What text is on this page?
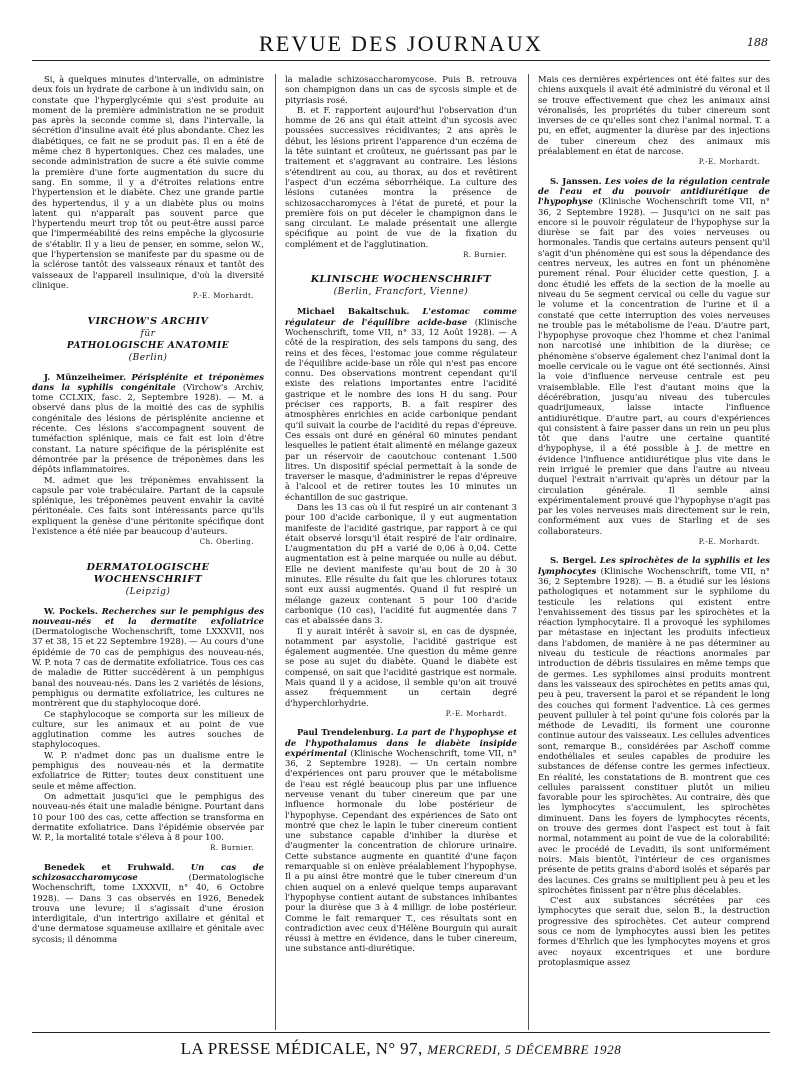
REVUE DES JOURNAUX	188

Si, à quelques minutes d'intervalle, on administre deux fois un hydrate de carbone à un individu sain, on constate que l'hyperglycémie qui s'est produite au moment de la première administration ne se produit pas après la seconde comme si, dans l'intervalle, la sécrétion d'insuline avait été plus abondante. Chez les diabétiques, ce fait ne se produit pas. Il en a été de même chez 8 hypertoniques. Chez ces malades, une seconde administration de sucre a été suivie comme la première d'une forte augmentation du sucre du sang. En somme, il y a d'étroites relations entre l'hypertension et le diabète. Chez une grande partie des hypertendus, il y a un diabète plus ou moins latent qui n'apparaît pas souvent parce que l'hypertendu meurt trop tôt ou peut-être aussi parce que l'imperméabilité des reins empêche la glycosurie de s'établir. Il y a lieu de penser, en somme, selon W., que l'hypertension se manifeste par du spasme ou de la sclérose tantôt des vaisseaux rénaux et tantôt des vaisseaux de l'appareil insulinique, d'où la diversité clinique.

P.-E. Morhardt.

VIRCHOW'S ARCHIV
für
PATHOLOGISCHE ANATOMIE
(Berlin)

J. Münzeiheimer. Périsplénite et tréponèmes dans la syphilis congénitale (Virchow's Archiv, tome CCLXIX, fasc. 2, Septembre 1928). — M. a observé dans plus de la moitié des cas de syphilis congénitale des lésions de périsplénite ancienne et récente. Ces lésions s'accompagnent souvent de tuméfaction splénique, mais ce fait est loin d'être constant. La nature spécifique de la périsplénite est démontrée par la présence de tréponèmes dans les dépôts inflammatoires.

M. admet que les tréponèmes envahissent la capsule par voie trabéculaire. Partant de la capsule splénique, les tréponèmes peuvent envahir la cavité péritonéale. Ces faits sont intéressants parce qu'ils expliquent la genèse d'une péritonite spécifique dont l'existence a été niée par beaucoup d'auteurs.

Ch. Oberling.

DERMATOLOGISCHE WOCHENSCHRIFT
(Leipzig)

W. Pockels. Recherches sur le pemphigus des nouveau-nés et la dermatite exfoliatrice (Dermatologische Wochenschrift, tome LXXXVII, nos 37 et 38, 15 et 22 Septembre 1928). — Au cours d'une épidémie de 70 cas de pemphigus des nouveau-nés, W. P. nota 7 cas de dermatite exfoliatrice. Tous ces cas de maladie de Ritter succédèrent à un pemphigus banal des nouveau-nés. Dans les 2 variétés de lésions, pemphigus ou dermatite exfoliatrice, les cultures ne montrèrent que du staphylocoque doré.

Ce staphylocoque se comporta sur les milieux de culture, sur les animaux et au point de vue agglutination comme les autres souches de staphylocoques.

W. P. n'admet donc pas un dualisme entre le pemphigus des nouveau-nés et la dermatite exfoliatrice de Ritter; toutes deux constituent une seule et même affection.

On admettait jusqu'ici que le pemphigus des nouveau-nés était une maladie bénigne. Pourtant dans 10 pour 100 des cas, cette affection se transforma en dermatite exfoliatrice. Dans l'épidémie observée par W. P., la mortalité totale s'éleva à 8 pour 100.

R. Burnier.

Benedek et Fruhwald. Un cas de schizosaccharomycose (Dermatologische Wochenschrift, tome LXXXVII, n° 40, 6 Octobre 1928). — Dans 3 cas observés en 1926, Benedek trouva une levure; il s'agissait d'une érosion interdigitale, d'un intertrigo axillaire et génital et d'une dermatose squameuse axillaire et génitale avec sycosis; il dénomma

la maladie schizosaccharomycose. Puis B. retrouva son champignon dans un cas de sycosis simple et de pityriasis rosé.

B. et F. rapportent aujourd'hui l'observation d'un homme de 26 ans qui était atteint d'un sycosis avec poussées successives récidivantes; 2 ans après le début, les lésions prirent l'apparence d'un eczéma de la tête suintant et croûteux, ne guérissant pas par le traitement et s'aggravant au contraire. Les lésions s'étendirent au cou, au thorax, au dos et revêtirent l'aspect d'un eczéma séborrhéique. La culture des lésions cutanées montra la présence de schizosaccharomyces à l'état de pureté, et pour la première fois on put déceler le champignon dans le sang circulant. Le malade présentait une allergie spécifique au point de vue de la fixation du complément et de l'agglutination.

R. Burnier.

KLINISCHE WOCHENSCHRIFT
(Berlin, Francfort, Vienne)

Michael Bakaltschuk. L'estomac comme régulateur de l'équilibre acide-base (Klinische Wochenschrift, tome VII, n° 33, 12 Août 1928). — A côté de la respiration, des sels tampons du sang, des reins et des fèces, l'estomac joue comme régulateur de l'équilibre acide-base un rôle qui n'est pas encore connu. Des observations montrent cependant qu'il existe des relations importantes entre l'acidité gastrique et le nombre des ions H du sang. Pour préciser ces rapports, B. a fait respirer des atmosphères enrichies en acide carbonique pendant qu'il suivait la courbe de l'acidité du repas d'épreuve. Ces essais ont duré en général 60 minutes pendant lesquelles le patient était alimenté en mélange gazeux par un réservoir de caoutchouc contenant 1.500 litres. Un dispositif spécial permettait à la sonde de traverser le masque, d'administrer le repas d'épreuve à l'alcool et de retirer toutes les 10 minutes un échantillon de suc gastrique.

Dans les 13 cas où il fut respiré un air contenant 3 pour 100 d'acide carbonique, il y eut augmentation manifeste de l'acidité gastrique, par rapport à ce qui était observé lorsqu'il était respiré de l'air ordinaire. L'augmentation du pH a varié de 0,06 à 0,04. Cette augmentation est à peine marquée ou nulle au début. Elle ne devient manifeste qu'au bout de 20 à 30 minutes. Elle résulte du fait que les chlorures totaux sont eux aussi augmentés. Quand il fut respiré un mélange gazeux contenant 5 pour 100 d'acide carbonique (10 cas), l'acidité fut augmentée dans 7 cas et abaissée dans 3.

Il y aurait intérêt à savoir si, en cas de dyspnée, notamment par asystolie, l'acidité gastrique est également augmentée. Une question du même genre se pose au sujet du diabète. Quand le diabète est compensé, on sait que l'acidité gastrique est normale. Mais quand il y a acidose, il semble qu'on ait trouvé assez fréquemment un certain degré d'hyperchlorhydrie.

P.-E. Morhardt.

Paul Trendelenburg. La part de l'hypophyse et de l'hypothalamus dans le diabète insipide expérimental (Klinische Wochenschrift, tome VII, n° 36, 2 Septembre 1928). — Un certain nombre d'expériences ont paru prouver que le métabolisme de l'eau est réglé beaucoup plus par une influence nerveuse venant du tuber cinereum que par une influence hormonale du lobe postérieur de l'hypophyse. Cependant des expériences de Sato ont montré que chez le lapin le tuber cinereum contient une substance capable d'inhiber la diurèse et d'augmenter la concentration de chlorure urinaire. Cette substance augmente en quantité d'une façon remarquable si on enlève préalablement l'hypophyse. Il a pu ainsi être montré que le tuber cinereum d'un chien auquel on a enlevé quelque temps auparavant l'hypophyse contient autant de substances inhibantes pour la diurèse que 3 à 4 milligr. de lobe postérieur. Comme le fait remarquer T., ces résultats sont en contradiction avec ceux d'Hélène Bourguin qui aurait réussi à mettre en évidence, dans le tuber cinereum, une substance anti-diurétique.

Mais ces dernières expériences ont été faites sur des chiens auxquels il avait été administré du véronal et il se trouve effectivement que chez les animaux ainsi véronalisés, les propriétés du tuber cinereum sont inverses de ce qu'elles sont chez l'animal normal. T. a pu, en effet, augmenter la diurèse par des injections de tuber cinereum chez des animaux mis préalablement en état de narcose.

P.-E. Morhardt.

S. Janssen. Les voies de la régulation centrale de l'eau et du pouvoir antidiurétique de l'hypophyse (Klinische Wochenschrift tome VII, n° 36, 2 Septembre 1928). — Jusqu'ici on ne sait pas encore si le pouvoir régulateur de l'hypophyse sur la diurèse se fait par des voies nerveuses ou hormonales. Tandis que certains auteurs pensent qu'il s'agit d'un phénomène qui est sous la dépendance des centres nerveux, les autres en font un phénomène purement rénal. Pour élucider cette question, J. a donc étudié les effets de la section de la moelle au niveau du 5e segment cervical ou celle du vague sur le volume et la concentration de l'urine et il a constaté que cette interruption des voies nerveuses ne trouble pas le métabolisme de l'eau. D'autre part, l'hypophyse provoque chez l'homme et chez l'animal non narcotisé une inhibition de la diurèse; ce phénomène s'observe également chez l'animal dont la moelle cervicale ou le vague ont été sectionnés. Ainsi la voie d'influence nerveuse centrale est peu vraisemblable. Elle l'est d'autant moins que la décérébration, jusqu'au niveau des tubercules quadrijumeaux, laisse intacte l'influence antidiurétique. D'autre part, au cours d'expériences qui consistent à faire passer dans un rein un peu plus tôt que dans l'autre une certaine quantité d'hypophyse, il a été possible à J. de mettre en évidence l'influence antidiurétique plus vite dans le rein irrigué le premier que dans l'autre au niveau duquel l'extrait n'arrivait qu'après un détour par la circulation générale. Il semble ainsi expérimentalement prouvé que l'hypophyse n'agit pas par les voies nerveuses mais directement sur le rein, conformément aux vues de Starling et de ses collaborateurs.

P.-E. Morhardt.

S. Bergel. Les spirochètes de la syphilis et les lymphocytes (Klinische Wochenschrift, tome VII, n° 36, 2 Septembre 1928). — B. a étudié sur les lésions pathologiques et notamment sur le syphilome du testicule les relations qui existent entre l'envahissement des tissus par les spirochètes et la réaction lymphocytaire. Il a provoqué les syphilomes par métastase en injectant les produits infectieux dans l'abdomen, de manière à ne pas déterminer au niveau du testicule de réactions anormales par introduction de débris tissulaires en même temps que de germes. Les syphilomes ainsi produits montrent dans les vaisseaux des spirochètes en petits amas qui, peu à peu, traversent la paroi et se répandent le long des couches qui forment l'adventice. Là ces germes peuvent pulluler à tel point qu'une fois colorés par la méthode de Levaditi, ils forment une couronne continue autour des vaisseaux. Les cellules adventices sont, remarque B., considérées par Aschoff comme endothéliales et seules capables de produire les substances de défense contre les germes infectieux. En réalité, les constatations de B. montrent que ces cellules paraissent constituer plutôt un milieu favorable pour les spirochètes. Au contraire, dès que les lymphocytes s'accumulent, les spirochètes diminuent. Dans les foyers de lymphocytes récents, on trouve des germes dont l'aspect est tout à fait normal, notamment au point de vue de la colorabilité: avec le procédé de Levaditi, ils sont uniformément noirs. Mais bientôt, l'intérieur de ces organismes présente de petits grains d'abord isolés et séparés par des lacunes. Ces grains se multiplient peu à peu et les spirochètes finissent par n'être plus décelables.

C'est aux substances sécrétées par ces lymphocytes que serait due, selon B., la destruction progressive des spirochètes. Cet auteur comprend sous ce nom de lymphocytes aussi bien les petites formes d'Ehrlich que les lymphocytes moyens et gros avec noyaux excentriques et une bordure protoplasmique assez

LA PRESSE MÉDICALE, N° 97, MERCREDI, 5 DÉCEMBRE 1928
